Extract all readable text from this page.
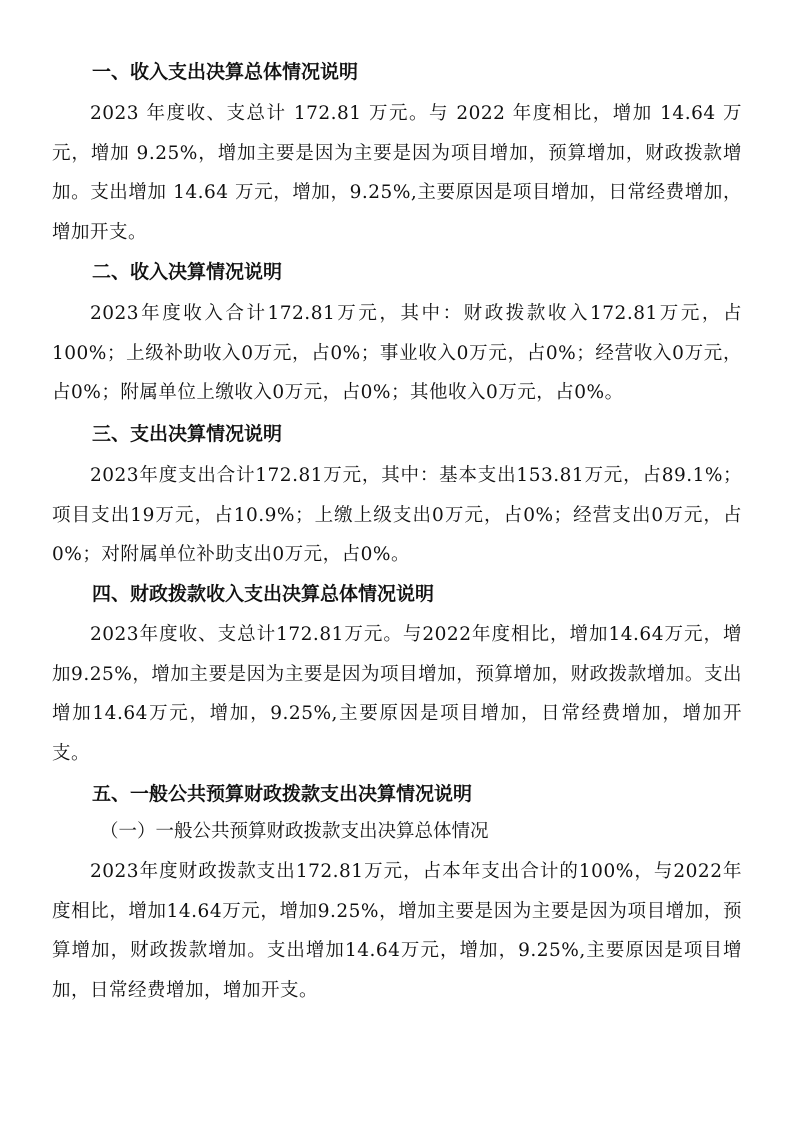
一、收入支出决算总体情况说明

2023 年度收、支总计 172.81 万元。与 2022 年度相比，增加 14.64 万元，增加 9.25%，增加主要是因为主要是因为项目增加，预算增加，财政拨款增加。支出增加 14.64 万元，增加，9.25%,主要原因是项目增加，日常经费增加，增加开支。

二、收入决算情况说明

2023年度收入合计172.81万元，其中：财政拨款收入172.81万元，占100%；上级补助收入0万元，占0%；事业收入0万元，占0%；经营收入0万元，占0%；附属单位上缴收入0万元，占0%；其他收入0万元，占0%。

三、支出决算情况说明

2023年度支出合计172.81万元，其中：基本支出153.81万元，占89.1%；项目支出19万元，占10.9%；上缴上级支出0万元，占0%；经营支出0万元，占0%；对附属单位补助支出0万元，占0%。

四、财政拨款收入支出决算总体情况说明

2023年度收、支总计172.81万元。与2022年度相比，增加14.64万元，增加9.25%，增加主要是因为主要是因为项目增加，预算增加，财政拨款增加。支出增加14.64万元，增加，9.25%,主要原因是项目增加，日常经费增加，增加开支。

五、一般公共预算财政拨款支出决算情况说明
（一）一般公共预算财政拨款支出决算总体情况

2023年度财政拨款支出172.81万元，占本年支出合计的100%，与2022年度相比，增加14.64万元，增加9.25%，增加主要是因为主要是因为项目增加，预算增加，财政拨款增加。支出增加14.64万元，增加，9.25%,主要原因是项目增加，日常经费增加，增加开支。
